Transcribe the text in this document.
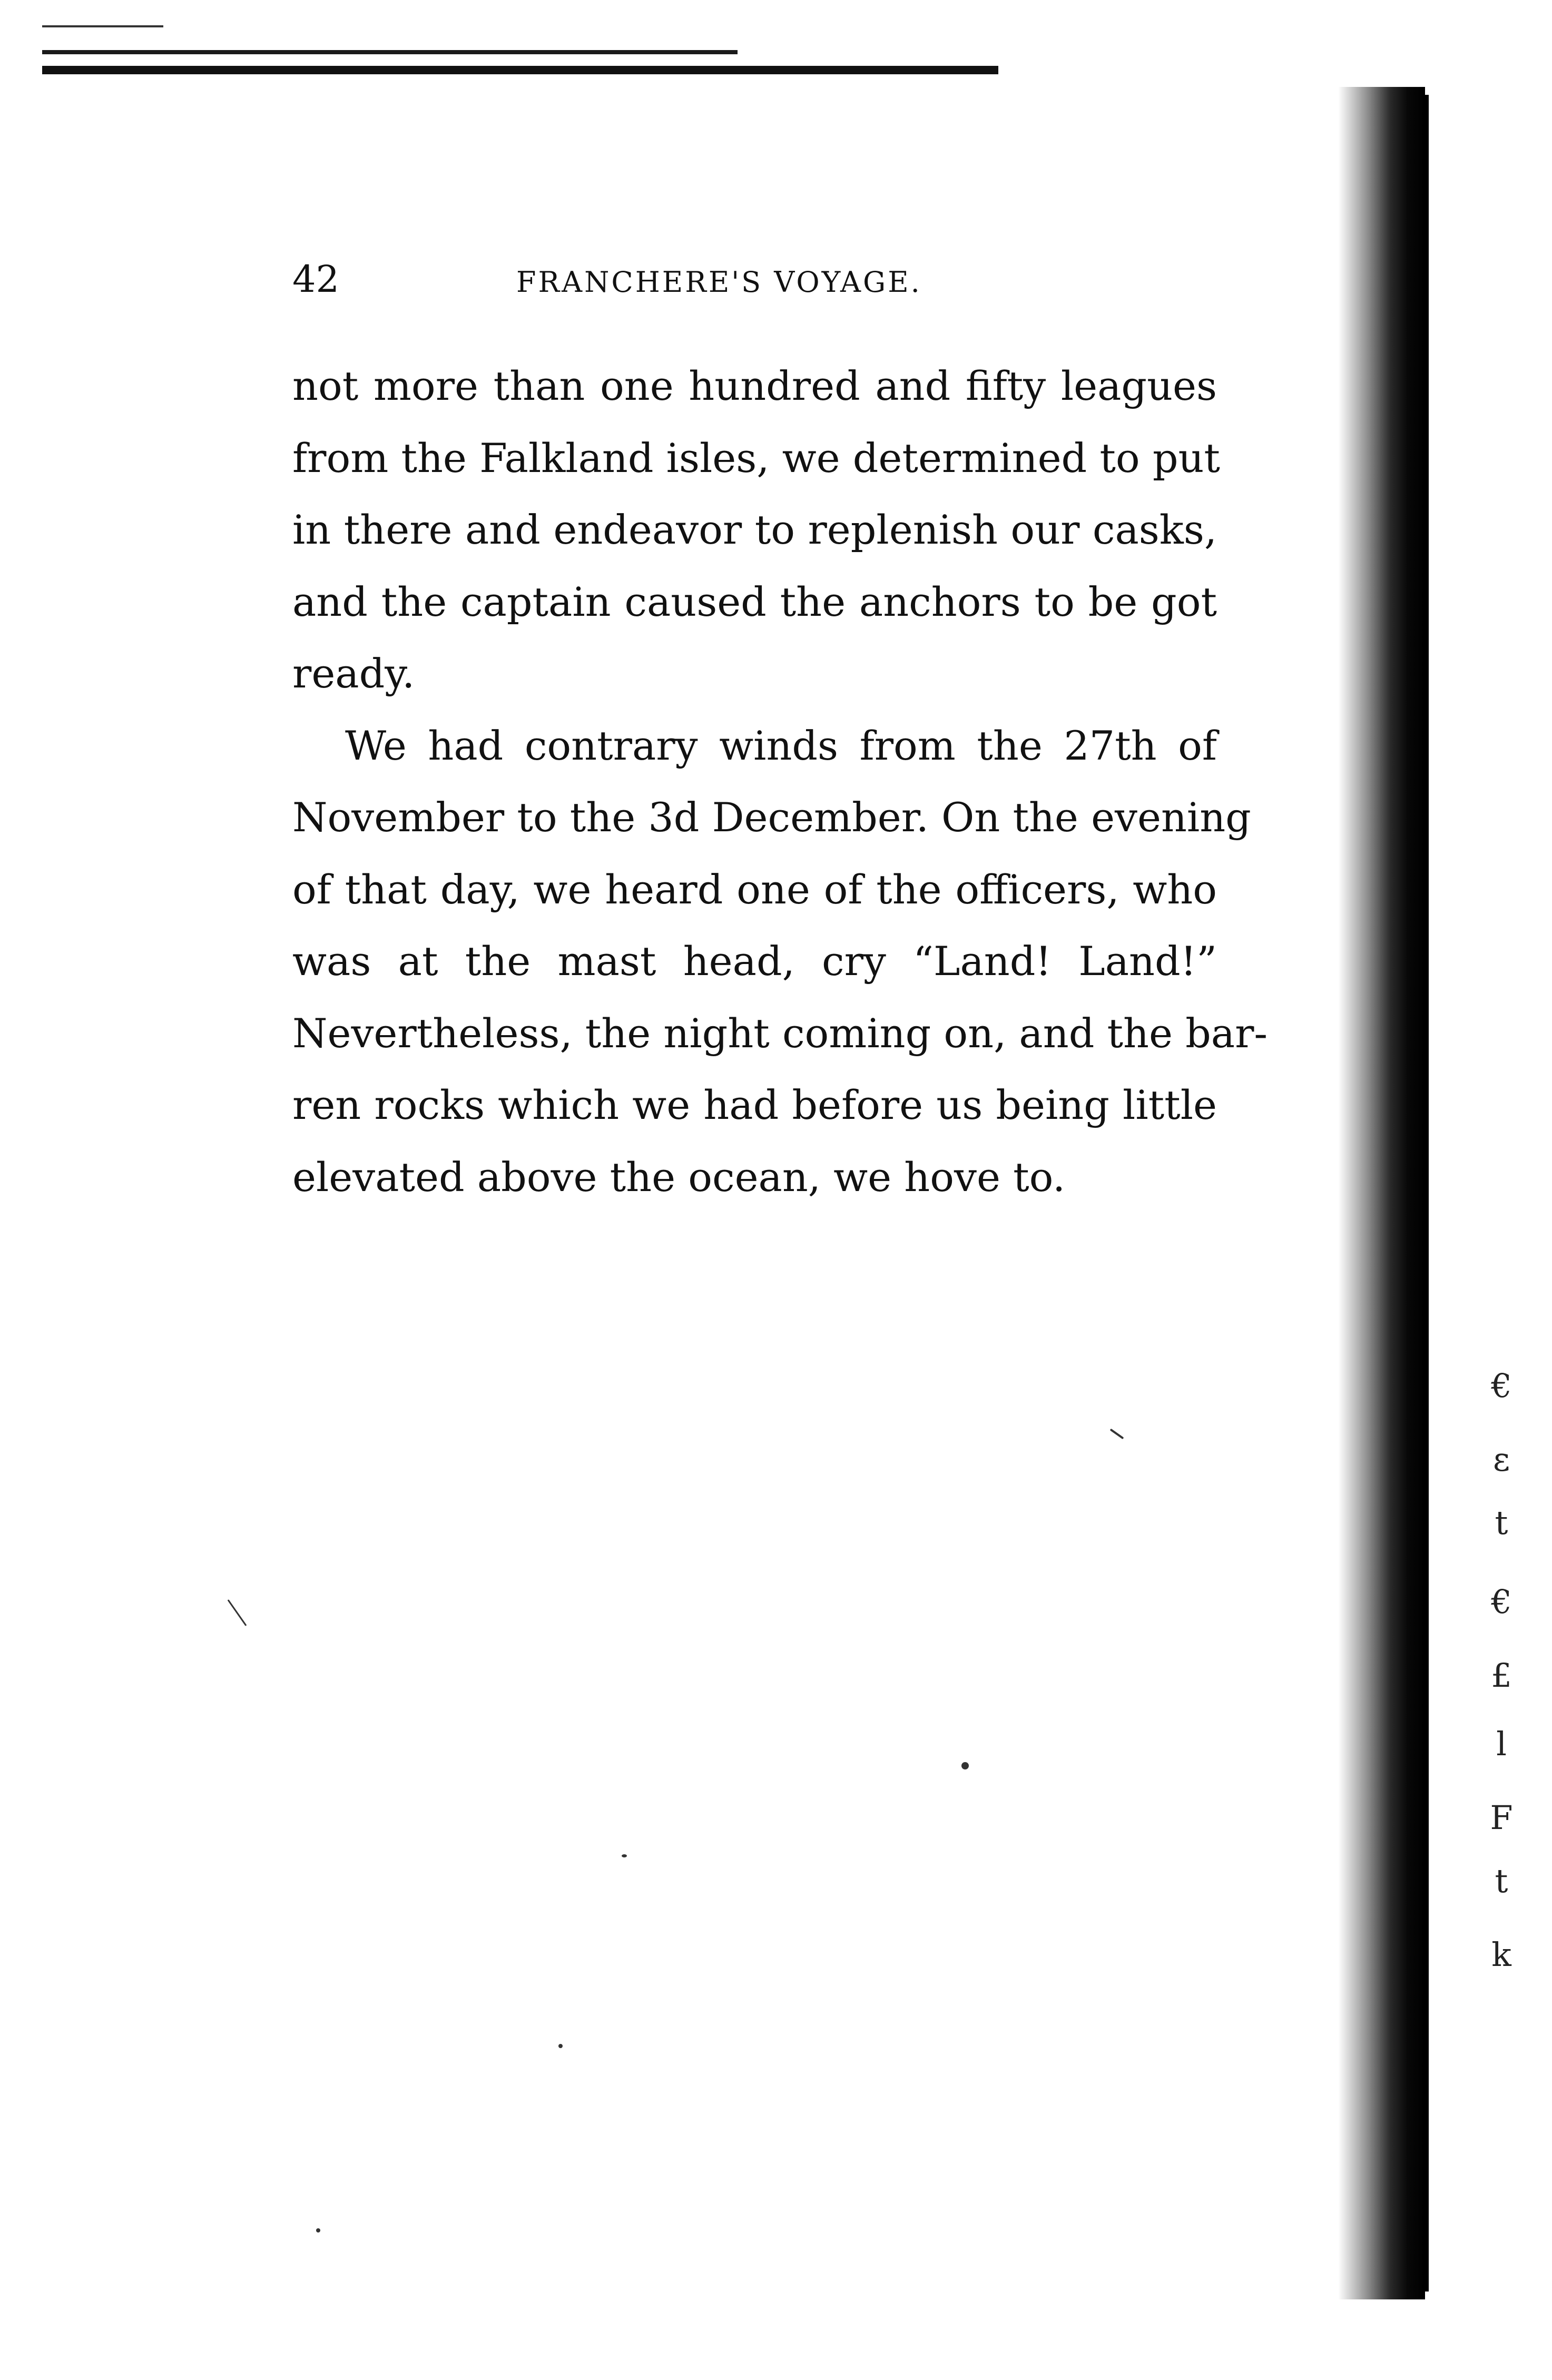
42	FRANCHERE'S VOYAGE.
not more than one hundred and fifty leagues
from the Falkland isles, we determined to put
in there and endeavor to replenish our casks,
and the captain caused the anchors to be got
ready.
We had contrary winds from the 27th of
November to the 3d December. On the evening
of that day, we heard one of the officers, who
was at the mast head, cry “Land! Land!”
Nevertheless, the night coming on, and the bar-
ren rocks which we had before us being little
elevated above the ocean, we hove to.
€
ε
t
€
£
l
F
t
k
